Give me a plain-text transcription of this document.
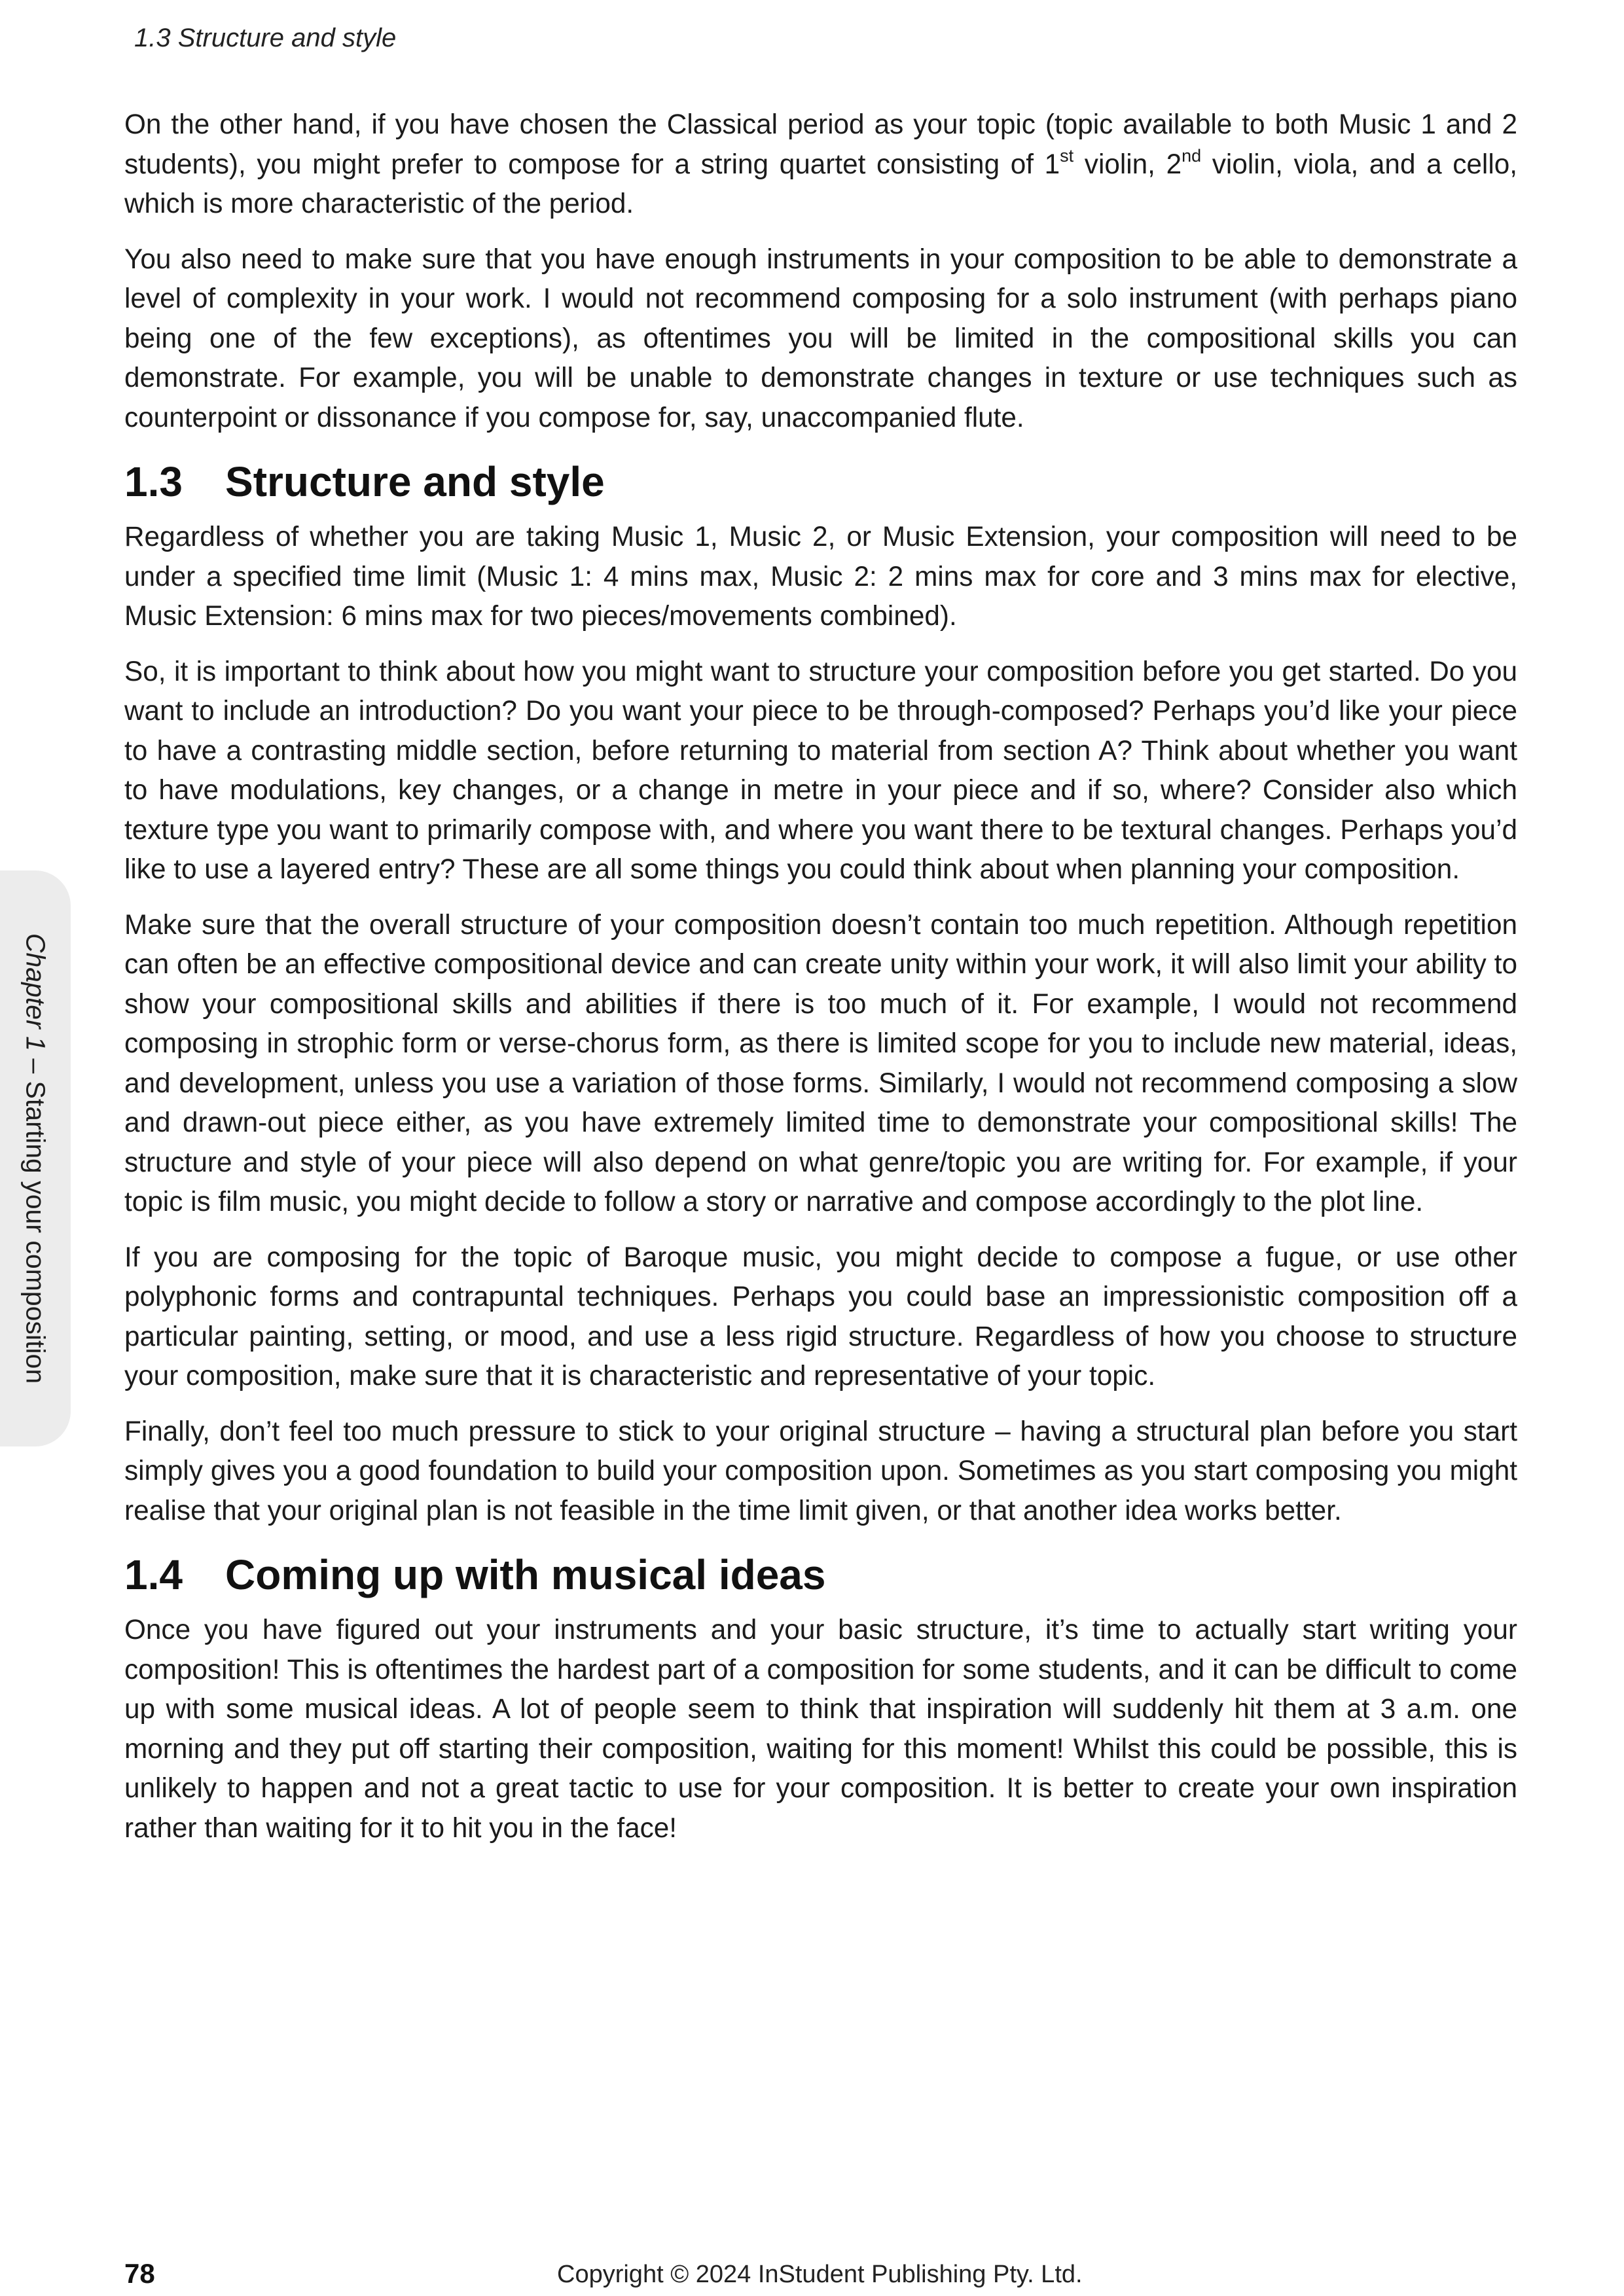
1.3 Structure and style
Chapter 1 – Starting your composition

On the other hand, if you have chosen the Classical period as your topic (topic available to both Music 1 and 2 students), you might prefer to compose for a string quartet consisting of 1st violin, 2nd violin, viola, and a cello, which is more characteristic of the period.

You also need to make sure that you have enough instruments in your composition to be able to demonstrate a level of complexity in your work. I would not recommend composing for a solo instrument (with perhaps piano being one of the few exceptions), as oftentimes you will be limited in the compositional skills you can demonstrate. For example, you will be unable to demonstrate changes in texture or use techniques such as counterpoint or dissonance if you compose for, say, unaccompanied flute.

1.3 Structure and style

Regardless of whether you are taking Music 1, Music 2, or Music Extension, your composition will need to be under a specified time limit (Music 1: 4 mins max, Music 2: 2 mins max for core and 3 mins max for elective, Music Extension: 6 mins max for two pieces/movements combined).

So, it is important to think about how you might want to structure your composition before you get started. Do you want to include an introduction? Do you want your piece to be through-composed? Perhaps you’d like your piece to have a contrasting middle section, before returning to material from section A? Think about whether you want to have modulations, key changes, or a change in metre in your piece and if so, where? Consider also which texture type you want to primarily compose with, and where you want there to be textural changes. Perhaps you’d like to use a layered entry? These are all some things you could think about when planning your composition.

Make sure that the overall structure of your composition doesn’t contain too much repetition. Although repetition can often be an effective compositional device and can create unity within your work, it will also limit your ability to show your compositional skills and abilities if there is too much of it. For example, I would not recommend composing in strophic form or verse-chorus form, as there is limited scope for you to include new material, ideas, and development, unless you use a variation of those forms. Similarly, I would not recommend composing a slow and drawn-out piece either, as you have extremely limited time to demonstrate your compositional skills! The structure and style of your piece will also depend on what genre/topic you are writing for. For example, if your topic is film music, you might decide to follow a story or narrative and compose accordingly to the plot line.

If you are composing for the topic of Baroque music, you might decide to compose a fugue, or use other polyphonic forms and contrapuntal techniques. Perhaps you could base an impressionistic composition off a particular painting, setting, or mood, and use a less rigid structure. Regardless of how you choose to structure your composition, make sure that it is characteristic and representative of your topic.

Finally, don’t feel too much pressure to stick to your original structure – having a structural plan before you start simply gives you a good foundation to build your composition upon. Sometimes as you start composing you might realise that your original plan is not feasible in the time limit given, or that another idea works better.

1.4 Coming up with musical ideas

Once you have figured out your instruments and your basic structure, it’s time to actually start writing your composition! This is oftentimes the hardest part of a composition for some students, and it can be difficult to come up with some musical ideas. A lot of people seem to think that inspiration will suddenly hit them at 3 a.m. one morning and they put off starting their composition, waiting for this moment! Whilst this could be possible, this is unlikely to happen and not a great tactic to use for your composition. It is better to create your own inspiration rather than waiting for it to hit you in the face!

78	Copyright © 2024 InStudent Publishing Pty. Ltd.
